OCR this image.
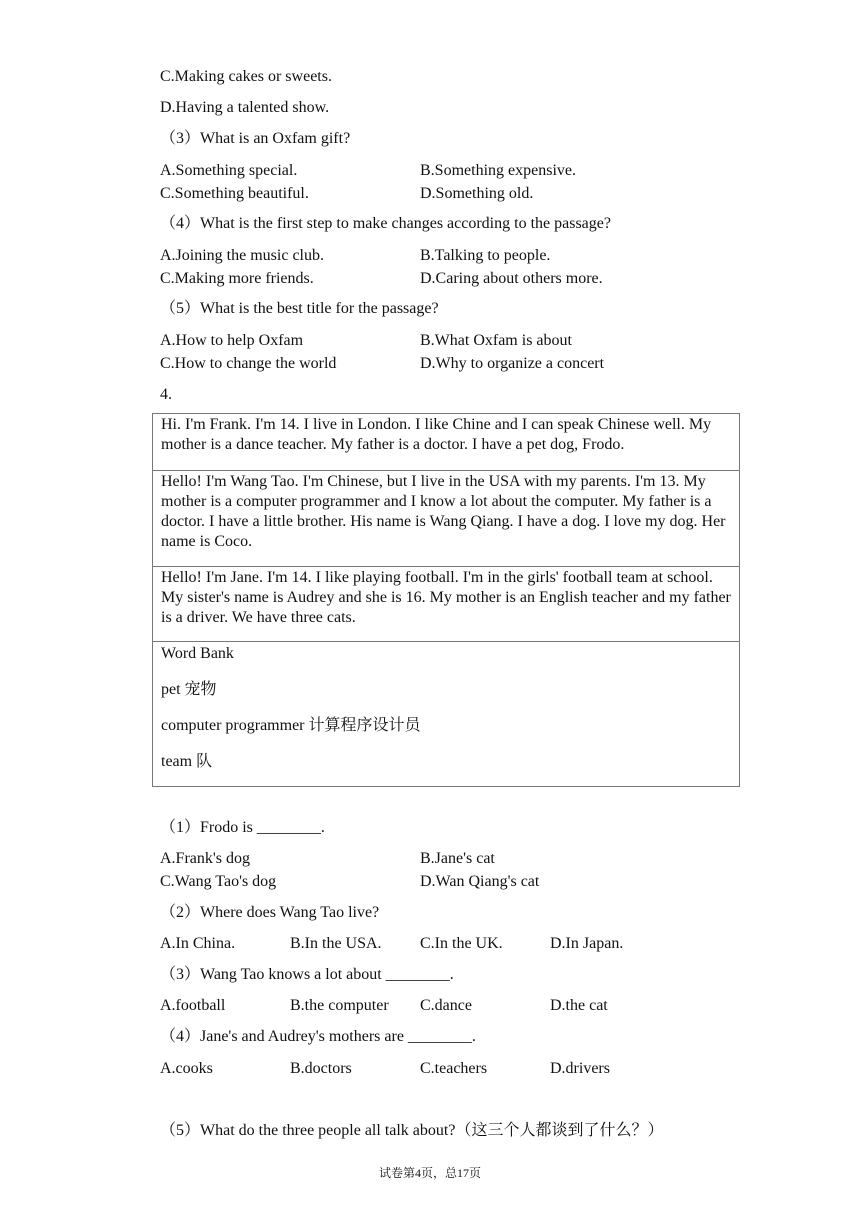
C.Making cakes or sweets.
D.Having a talented show.
（3）What is an Oxfam gift?
A.Something special.	B.Something expensive.
C.Something beautiful.	D.Something old.
（4）What is the first step to make changes according to the passage?
A.Joining the music club.	B.Talking to people.
C.Making more friends.	D.Caring about others more.
（5）What is the best title for the passage?
A.How to help Oxfam	B.What Oxfam is about
C.How to change the world	D.Why to organize a concert
4.
Hi. I'm Frank. I'm 14. I live in London. I like Chine and I can speak Chinese well. My mother is a dance teacher. My father is a doctor. I have a pet dog, Frodo.
Hello! I'm Wang Tao. I'm Chinese, but I live in the USA with my parents. I'm 13. My mother is a computer programmer and I know a lot about the computer. My father is a doctor. I have a little brother. His name is Wang Qiang. I have a dog. I love my dog. Her name is Coco.
Hello! I'm Jane. I'm 14. I like playing football. I'm in the girls' football team at school. My sister's name is Audrey and she is 16. My mother is an English teacher and my father is a driver. We have three cats.

Word Bank

pet 宠物

computer programmer 计算程序设计员

team 队

（1）Frodo is ________.
A.Frank's dog	B.Jane's cat
C.Wang Tao's dog	D.Wan Qiang's cat
（2）Where does Wang Tao live?
A.In China.	B.In the USA. C.In the UK.	D.In Japan.
（3）Wang Tao knows a lot about ________.
A.football	B.the computer C.dance	D.the cat
（4）Jane's and Audrey's mothers are ________.
A.cooks	B.doctors	C.teachers	D.drivers
（5）What do the three people all talk about?（这三个人都谈到了什么？）
试卷第4页，总17页
